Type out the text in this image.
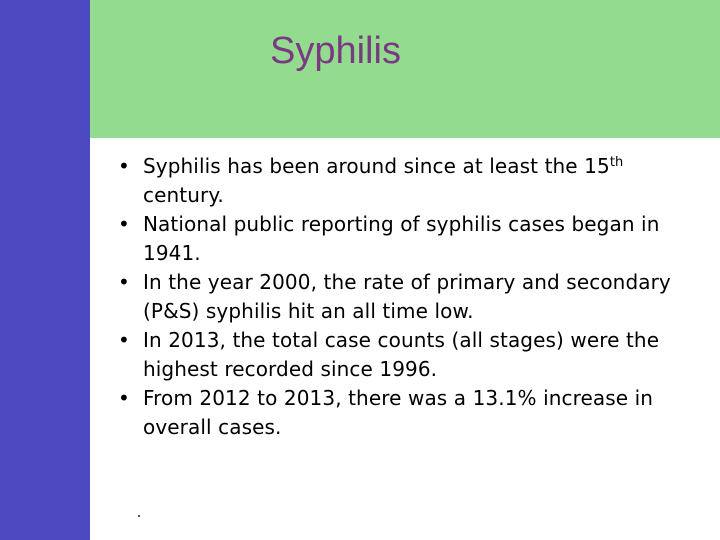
Syphilis
• Syphilis has been around since at least the 15th century.
• National public reporting of syphilis cases began in 1941.
• In the year 2000, the rate of primary and secondary (P&S) syphilis hit an all time low.
• In 2013, the total case counts (all stages) were the highest recorded since 1996.
• From 2012 to 2013, there was a 13.1% increase in overall cases.
